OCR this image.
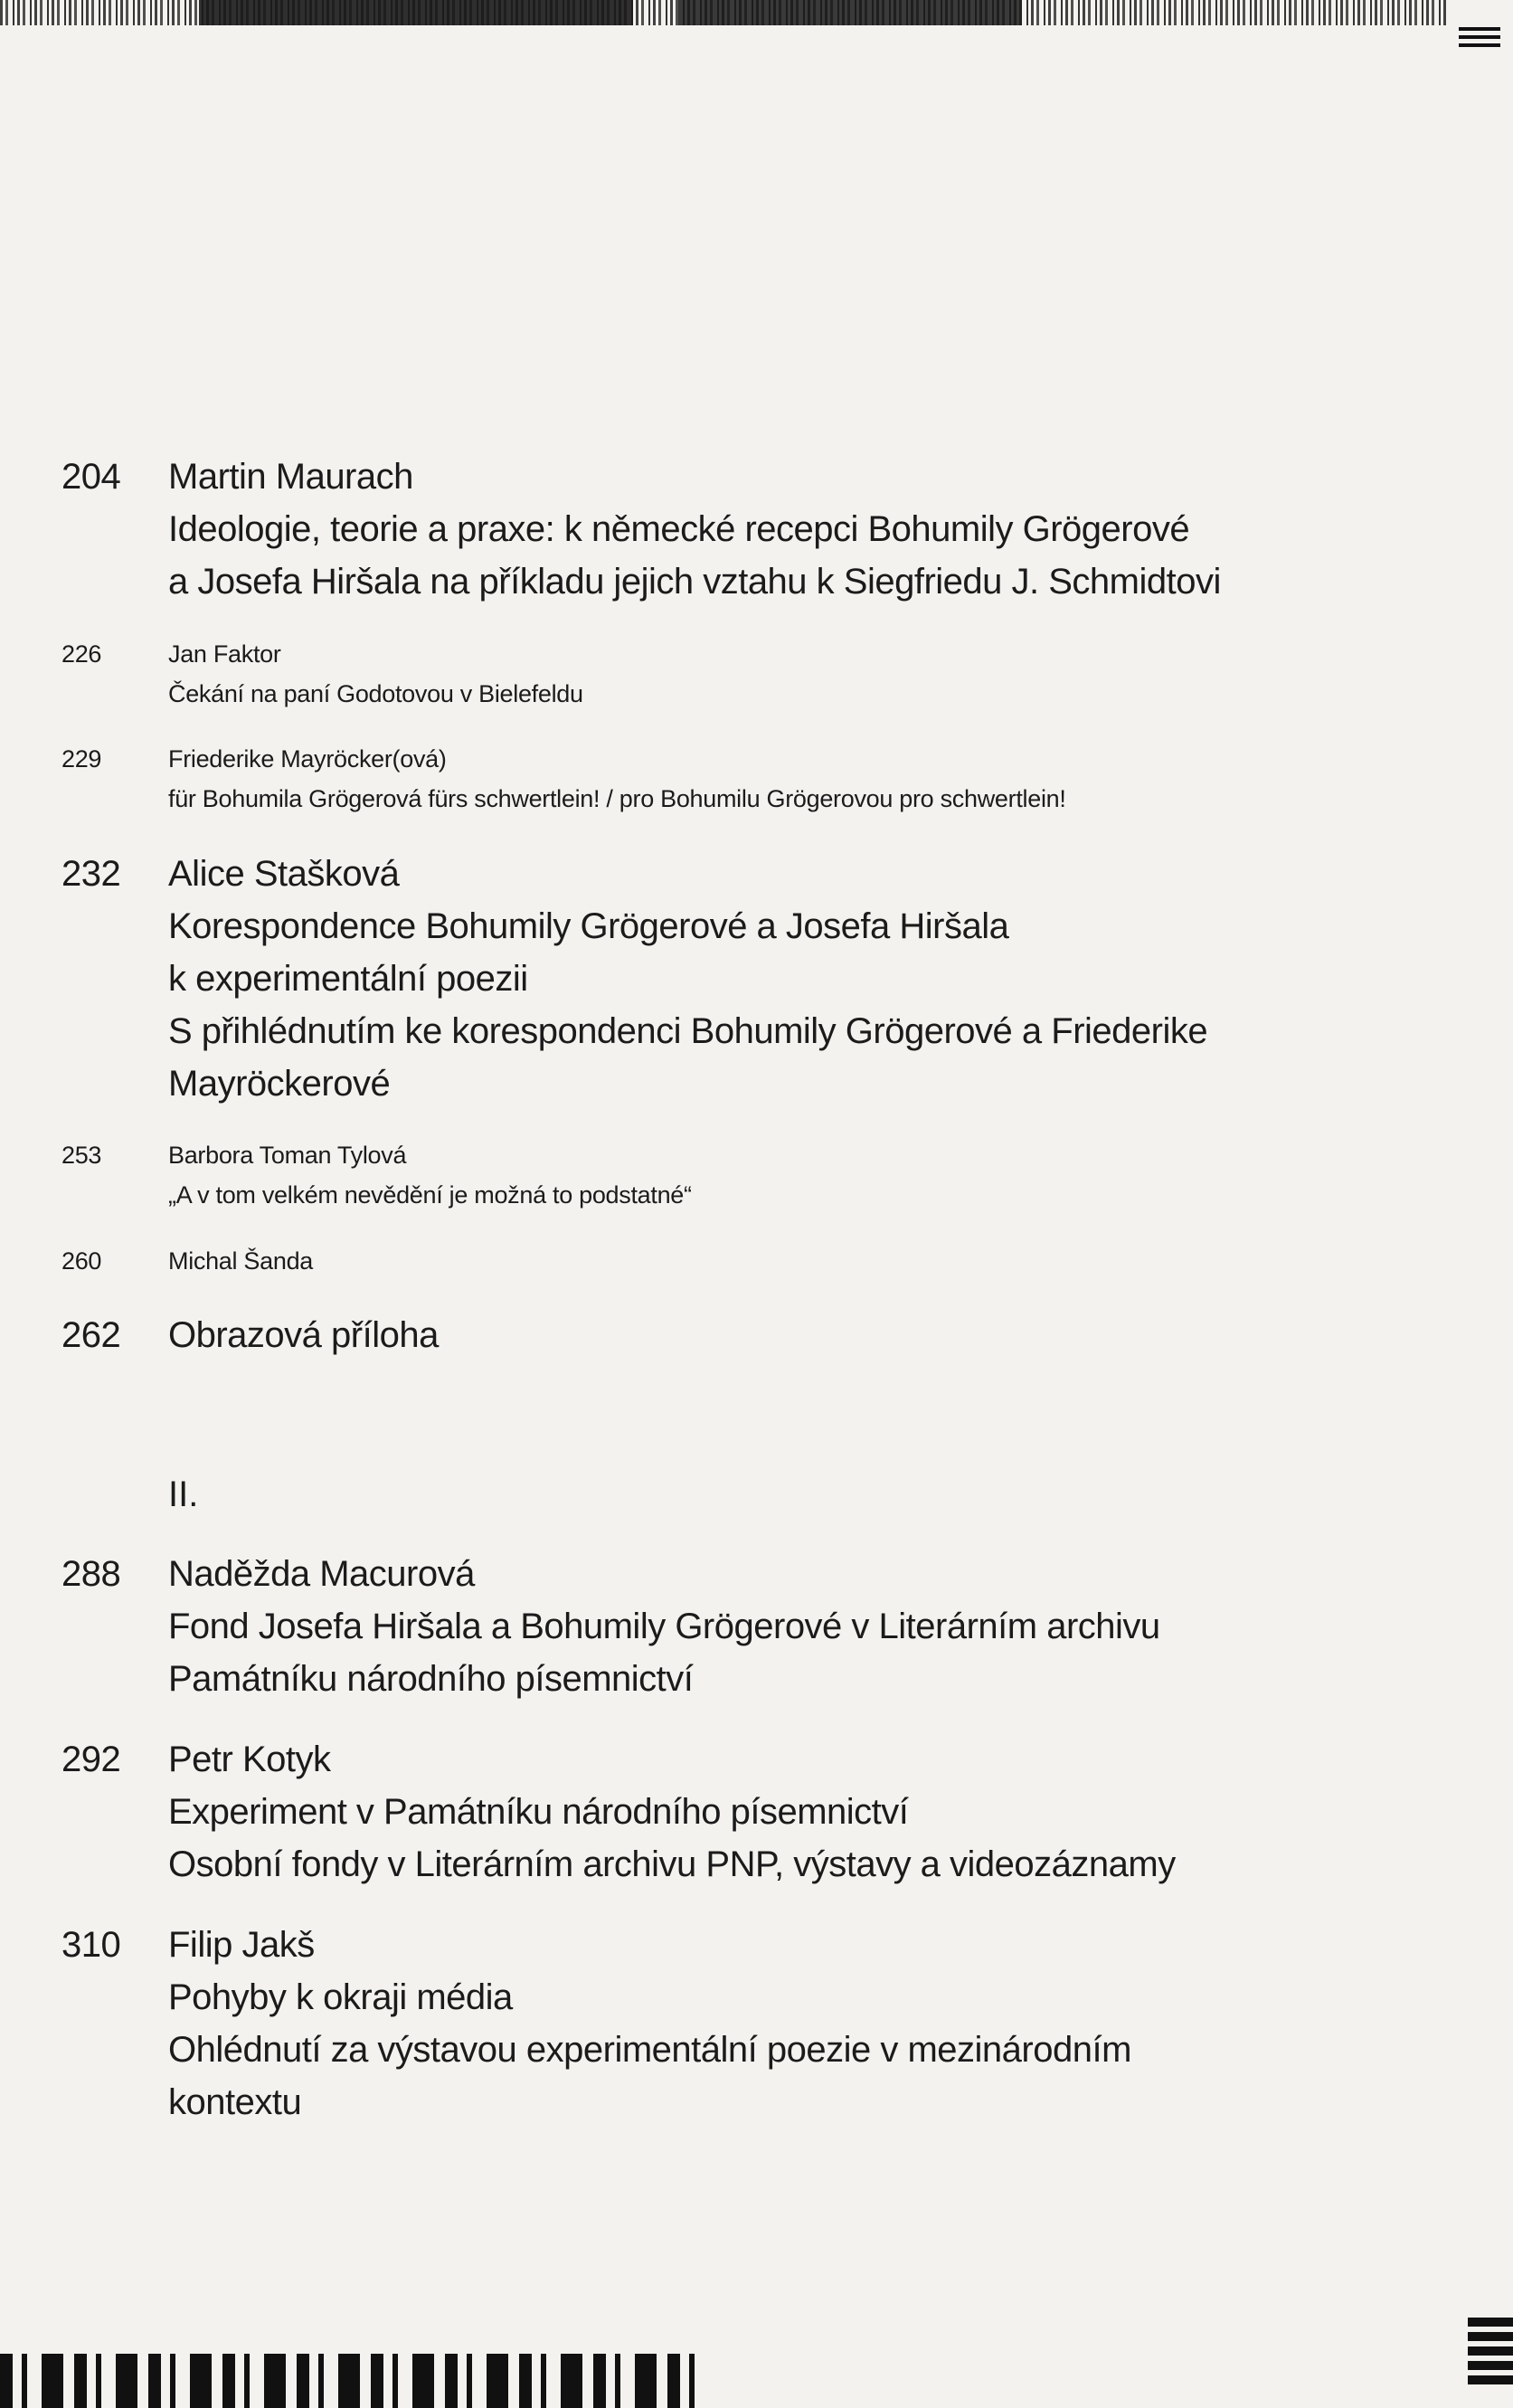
204	Martin Maurach
Ideologie, teorie a praxe: k německé recepci Bohumily Grögerové
a Josefa Hiršala na příkladu jejich vztahu k Siegfriedu J. Schmidtovi
226	Jan Faktor
Čekání na paní Godotovou v Bielefeldu
229	Friederike Mayröcker(ová)
für Bohumila Grögerová fürs schwertlein! / pro Bohumilu Grögerovou pro schwertlein!
232	Alice Stašková
Korespondence Bohumily Grögerové a Josefa Hiršala
k experimentální poezii
S přihlédnutím ke korespondenci Bohumily Grögerové a Friederike
Mayröckerové
253	Barbora Toman Tylová
„A v tom velkém nevědění je možná to podstatné“
260	Michal Šanda
262	Obrazová příloha
II.
288	Naděžda Macurová
Fond Josefa Hiršala a Bohumily Grögerové v Literárním archivu
Památníku národního písemnictví
292	Petr Kotyk
Experiment v Památníku národního písemnictví
Osobní fondy v Literárním archivu PNP, výstavy a videozáznamy
310	Filip Jakš
Pohyby k okraji média
Ohlédnutí za výstavou experimentální poezie v mezinárodním
kontextu
